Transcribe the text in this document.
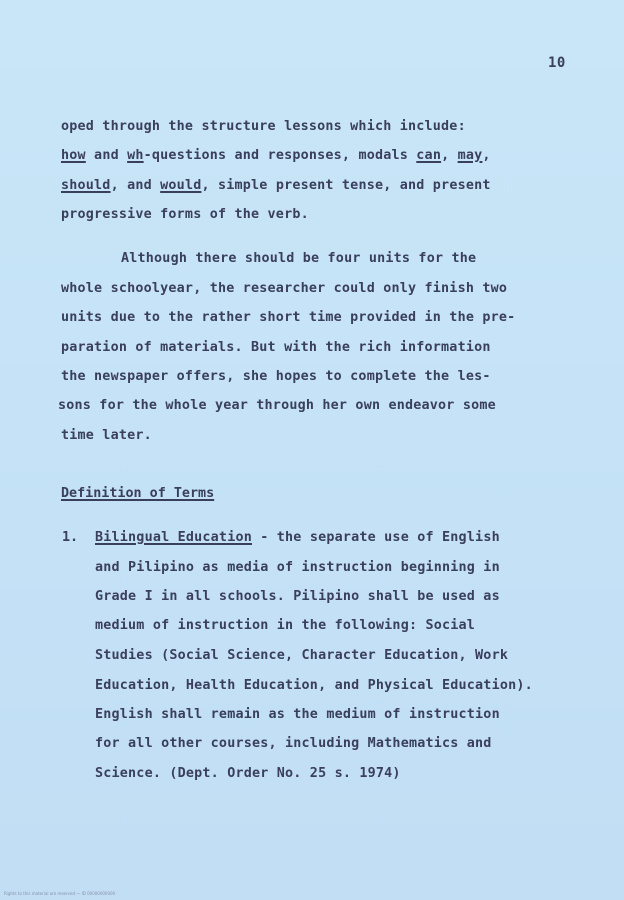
10
oped through the structure lessons which include:
how and wh-questions and responses, modals can, may,
should, and would, simple present tense, and present
progressive forms of the verb.
Although there should be four units for the
whole schoolyear, the researcher could only finish two
units due to the rather short time provided in the pre-
paration of materials. But with the rich information
the newspaper offers, she hopes to complete the les-
sons for the whole year through her own endeavor some
time later.
Definition of Terms
1. Bilingual Education - the separate use of English
and Pilipino as media of instruction beginning in
Grade I in all schools. Pilipino shall be used as
medium of instruction in the following: Social
Studies (Social Science, Character Education, Work
Education, Health Education, and Physical Education).
English shall remain as the medium of instruction
for all other courses, including Mathematics and
Science. (Dept. Order No. 25 s. 1974)
Rights to this material are reserved — ID 00000000000
